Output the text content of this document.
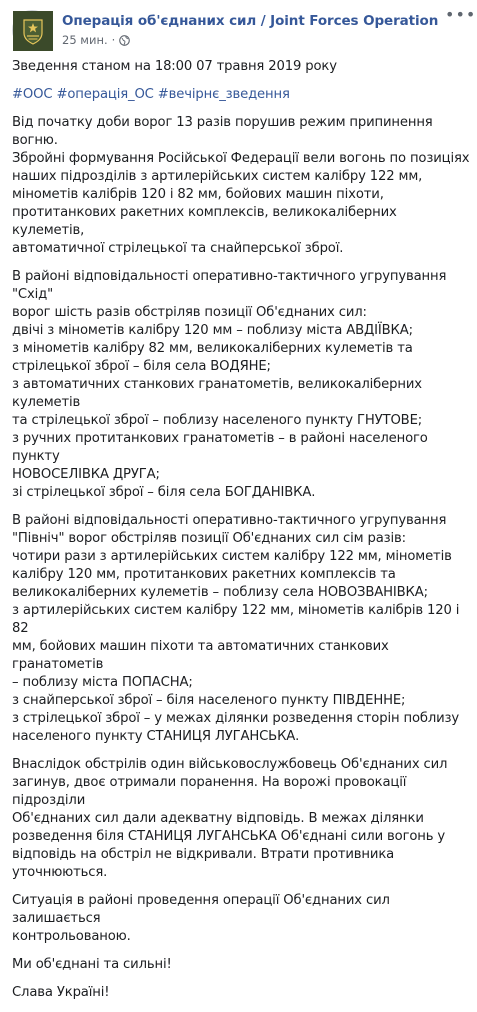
Операція об'єднаних сил / Joint Forces Operation
25 мин. ·
•••

Зведення станом на 18:00 07 травня 2019 року

#ООС #операція_ОС #вечірнє_зведення

Від початку доби ворог 13 разів порушив режим припинення вогню.
Збройні формування Російської Федерації вели вогонь по позиціях
наших підрозділів з артилерійських систем калібру 122 мм,
мінометів калібрів 120 і 82 мм, бойових машин піхоти,
протитанкових ракетних комплексів, великокаліберних кулеметів,
автоматичної стрілецької та снайперської зброї.

В районі відповідальності оперативно-тактичного угрупування "Схід"
ворог шість разів обстріляв позиції Об'єднаних сил:
двічі з мінометів калібру 120 мм – поблизу міста АВДІЇВКА;
з мінометів калібру 82 мм, великокаліберних кулеметів та
стрілецької зброї – біля села ВОДЯНЕ;
з автоматичних станкових гранатометів, великокаліберних кулеметів
та стрілецької зброї – поблизу населеного пункту ГНУТОВЕ;
з ручних протитанкових гранатометів – в районі населеного пункту
НОВОСЕЛІВКА ДРУГА;
зі стрілецької зброї – біля села БОГДАНІВКА.

В районі відповідальності оперативно-тактичного угрупування
"Північ" ворог обстріляв позиції Об'єднаних сил сім разів:
чотири рази з артилерійських систем калібру 122 мм, мінометів
калібру 120 мм, протитанкових ракетних комплексів та
великокаліберних кулеметів – поблизу села НОВОЗВАНІВКА;
з артилерійських систем калібру 122 мм, мінометів калібрів 120 і 82
мм, бойових машин піхоти та автоматичних станкових гранатометів
– поблизу міста ПОПАСНА;
з снайперської зброї – біля населеного пункту ПІВДЕННЕ;
з стрілецької зброї – у межах ділянки розведення сторін поблизу
населеного пункту СТАНИЦЯ ЛУГАНСЬКА.

Внаслідок обстрілів один військовослужбовець Об'єднаних сил
загинув, двоє отримали поранення. На ворожі провокації підрозділи
Об'єднаних сил дали адекватну відповідь. В межах ділянки
розведення біля СТАНИЦЯ ЛУГАНСЬКА Об'єднані сили вогонь у
відповідь на обстріл не відкривали. Втрати противника уточнюються.

Ситуація в районі проведення операції Об'єднаних сил залишається
контрольованою.

Ми об'єднані та сильні!

Слава Україні!
